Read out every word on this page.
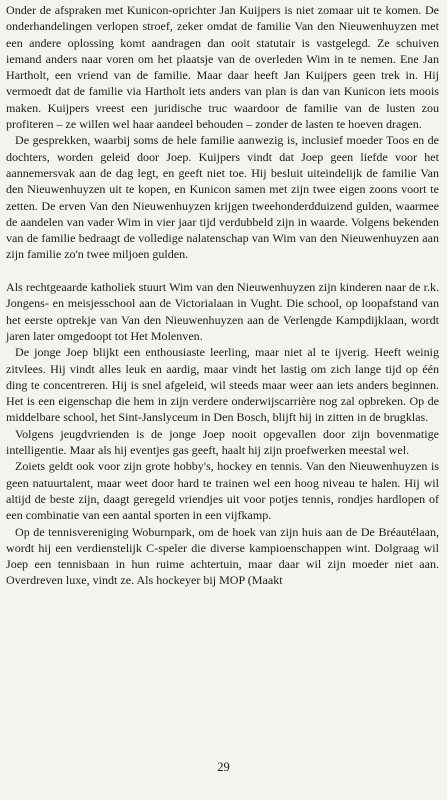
Onder de afspraken met Kunicon-oprichter Jan Kuijpers is niet zomaar uit te komen. De onderhandelingen verlopen stroef, zeker omdat de familie Van den Nieuwenhuyzen met een andere oplossing komt aandragen dan ooit statutair is vastgelegd. Ze schuiven iemand anders naar voren om het plaatsje van de overleden Wim in te nemen. Ene Jan Hartholt, een vriend van de familie. Maar daar heeft Jan Kuijpers geen trek in. Hij vermoedt dat de familie via Hartholt iets anders van plan is dan van Kunicon iets moois maken. Kuijpers vreest een juridische truc waardoor de familie van de lusten zou profiteren – ze willen wel haar aandeel behouden – zonder de lasten te hoeven dragen.

De gesprekken, waarbij soms de hele familie aanwezig is, inclusief moeder Toos en de dochters, worden geleid door Joep. Kuijpers vindt dat Joep geen liefde voor het aannemersvak aan de dag legt, en geeft niet toe. Hij besluit uiteindelijk de familie Van den Nieuwenhuyzen uit te kopen, en Kunicon samen met zijn twee eigen zoons voort te zetten. De erven Van den Nieuwenhuyzen krijgen tweehonderdduizend gulden, waarmee de aandelen van vader Wim in vier jaar tijd verdubbeld zijn in waarde. Volgens bekenden van de familie bedraagt de volledige nalatenschap van Wim van den Nieuwenhuyzen aan zijn familie zo'n twee miljoen gulden.

Als rechtgeaarde katholiek stuurt Wim van den Nieuwenhuyzen zijn kinderen naar de r.k. Jongens- en meisjesschool aan de Victorialaan in Vught. Die school, op loopafstand van het eerste optrekje van Van den Nieuwenhuyzen aan de Verlengde Kampdijklaan, wordt jaren later omgedoopt tot Het Molenven.

De jonge Joep blijkt een enthousiaste leerling, maar niet al te ijverig. Heeft weinig zitvlees. Hij vindt alles leuk en aardig, maar vindt het lastig om zich lange tijd op één ding te concentreren. Hij is snel afgeleid, wil steeds maar weer aan iets anders beginnen. Het is een eigenschap die hem in zijn verdere onderwijscarrière nog zal opbreken. Op de middelbare school, het Sint-Janslyceum in Den Bosch, blijft hij in zitten in de brugklas.

Volgens jeugdvrienden is de jonge Joep nooit opgevallen door zijn bovenmatige intelligentie. Maar als hij eventjes gas geeft, haalt hij zijn proefwerken meestal wel.

Zoiets geldt ook voor zijn grote hobby's, hockey en tennis. Van den Nieuwenhuyzen is geen natuurtalent, maar weet door hard te trainen wel een hoog niveau te halen. Hij wil altijd de beste zijn, daagt geregeld vriendjes uit voor potjes tennis, rondjes hardlopen of een combinatie van een aantal sporten in een vijfkamp.

Op de tennisvereniging Woburnpark, om de hoek van zijn huis aan de De Bréautélaan, wordt hij een verdienstelijk C-speler die diverse kampioenschappen wint. Dolgraag wil Joep een tennisbaan in hun ruime achtertuin, maar daar wil zijn moeder niet aan. Overdreven luxe, vindt ze. Als hockeyer bij MOP (Maakt

29
